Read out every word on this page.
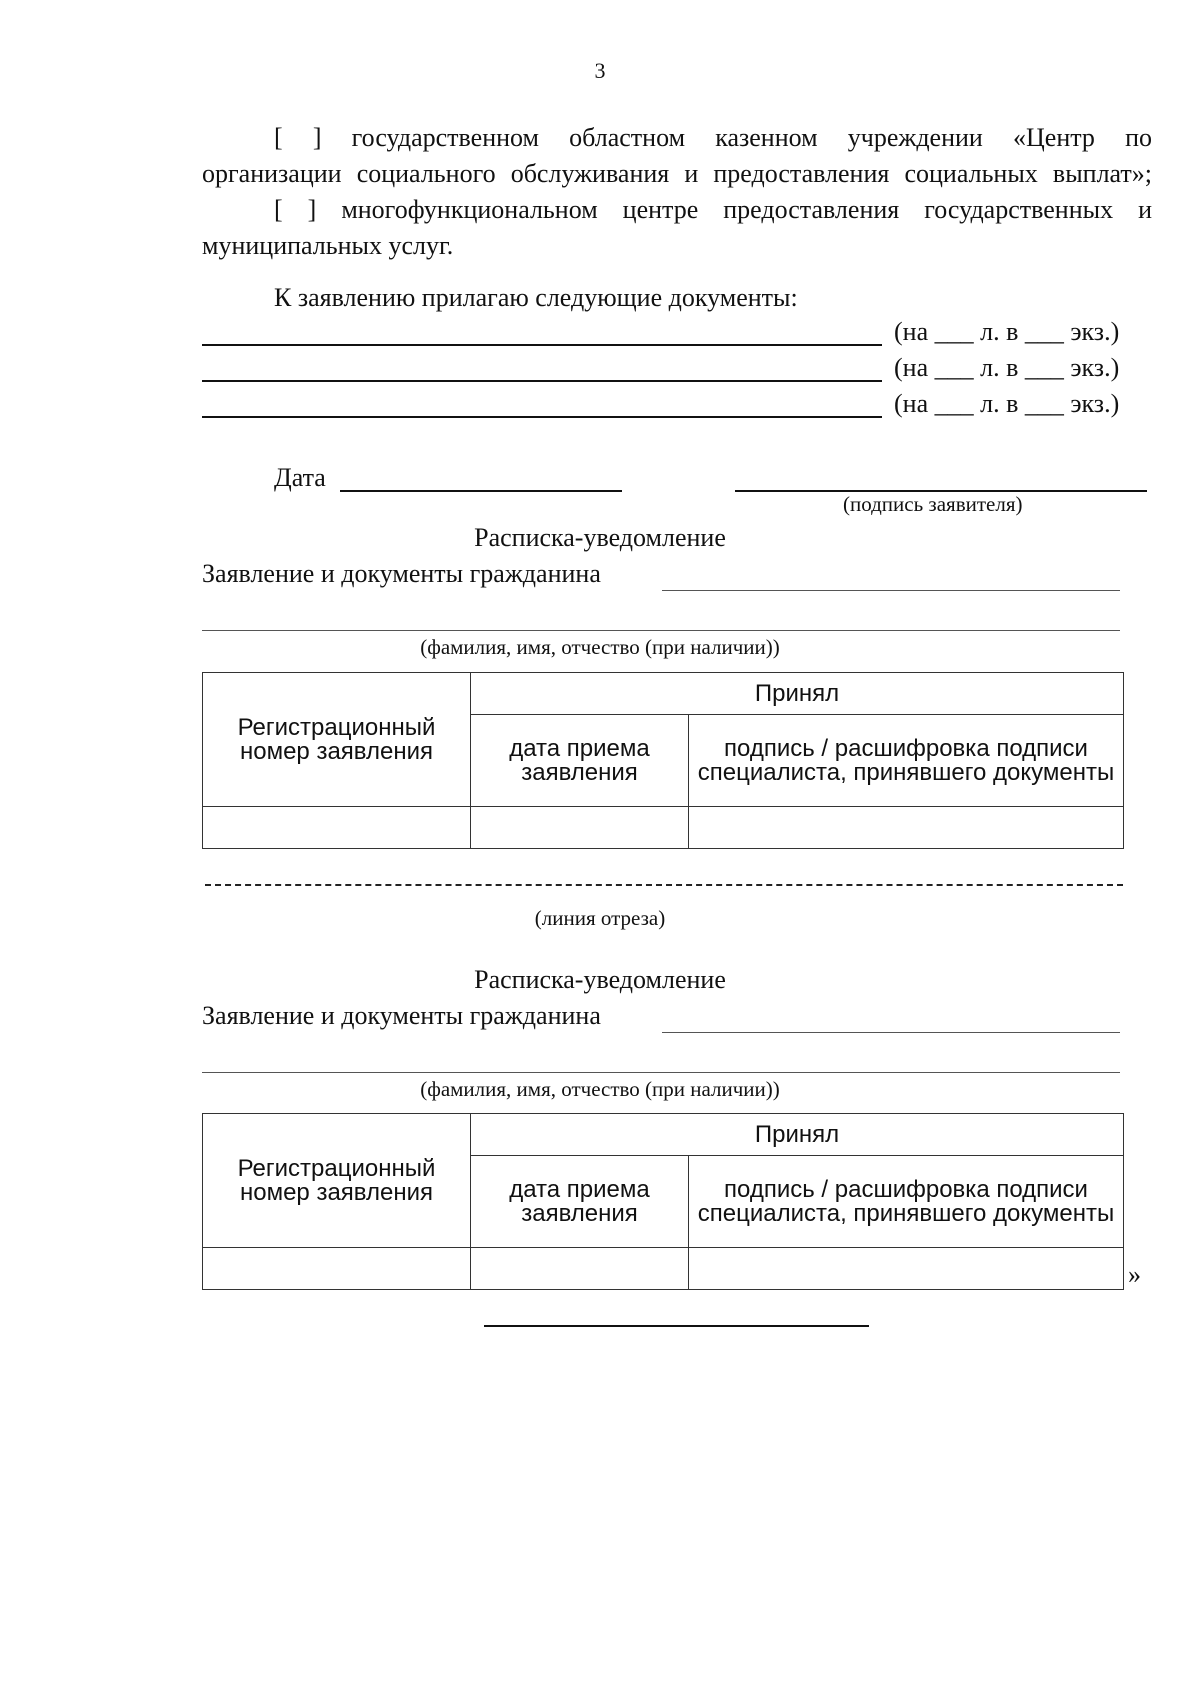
3
[ ] государственном областном казенном учреждении «Центр по
организации социального обслуживания и предоставления социальных выплат»;
[ ] многофункциональном центре предоставления государственных и
муниципальных услуг.
К заявлению прилагаю следующие документы:
(на ___ л. в ___ экз.)
(на ___ л. в ___ экз.)
(на ___ л. в ___ экз.)
Дата
(подпись заявителя)
Расписка-уведомление
Заявление и документы гражданина
(фамилия, имя, отчество (при наличии))
Регистрационный номер заявления	Принял	
	дата приема заявления	подпись / расшифровка подписи специалиста, принявшего документы

(линия отреза)
Расписка-уведомление
Заявление и документы гражданина
(фамилия, имя, отчество (при наличии))
Регистрационный номер заявления	Принял	
	дата приема заявления	подпись / расшифровка подписи специалиста, принявшего документы

»
